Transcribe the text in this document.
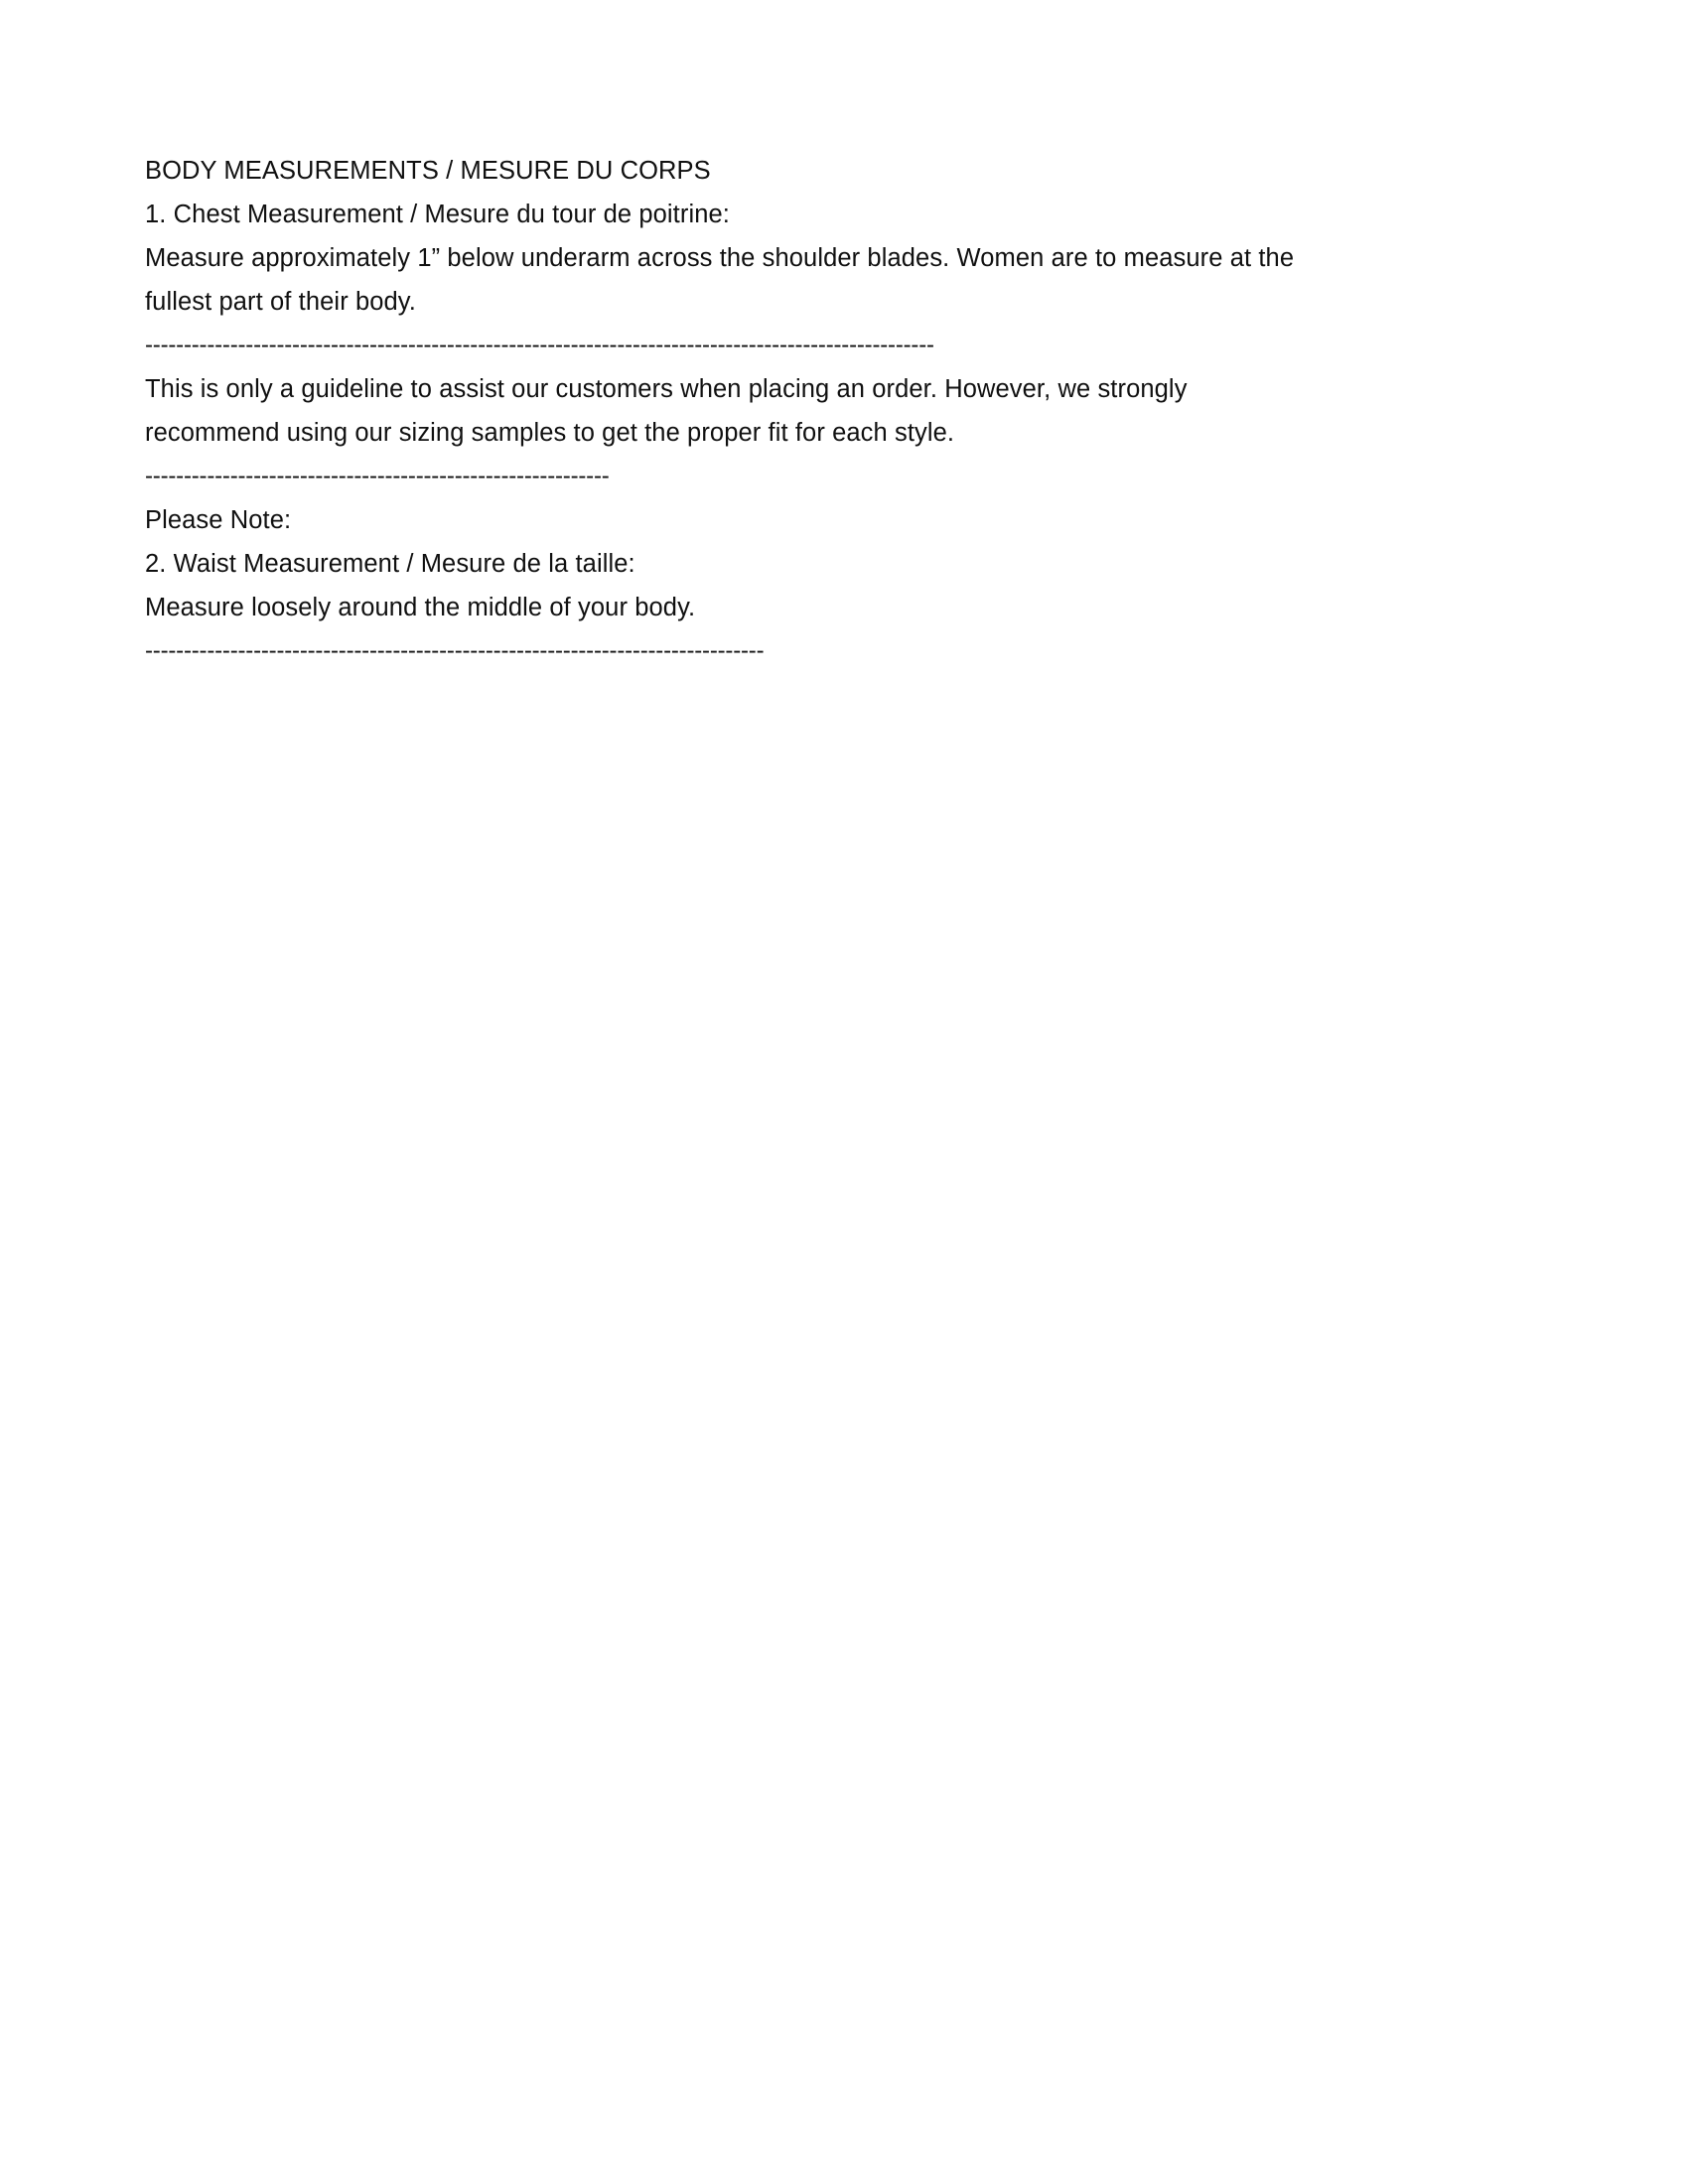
BODY MEASUREMENTS / MESURE DU CORPS
1. Chest Measurement / Mesure du tour de poitrine:
Measure approximately 1” below underarm across the shoulder blades. Women are to measure at the fullest part of their body.
------------------------------------------------------------------------------------------------------
This is only a guideline to assist our customers when placing an order. However, we strongly recommend using our sizing samples to get the proper fit for each style.
------------------------------------------------------------
Please Note:
2. Waist Measurement / Mesure de la taille:
Measure loosely around the middle of your body.
--------------------------------------------------------------------------------
